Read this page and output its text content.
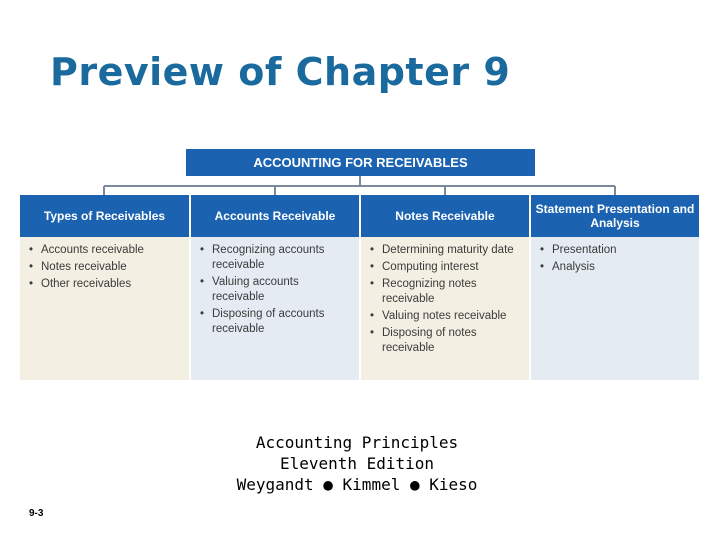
Preview of Chapter 9
ACCOUNTING FOR RECEIVABLES
Types of Receivables
• Accounts receivable
• Notes receivable
• Other receivables
Accounts Receivable
• Recognizing accounts receivable
• Valuing accounts receivable
• Disposing of accounts receivable
Notes Receivable
• Determining maturity date
• Computing interest
• Recognizing notes receivable
• Valuing notes receivable
• Disposing of notes receivable
Statement Presentation and Analysis
• Presentation
• Analysis
Accounting Principles
Eleventh Edition
Weygandt ● Kimmel ● Kieso
9-3
